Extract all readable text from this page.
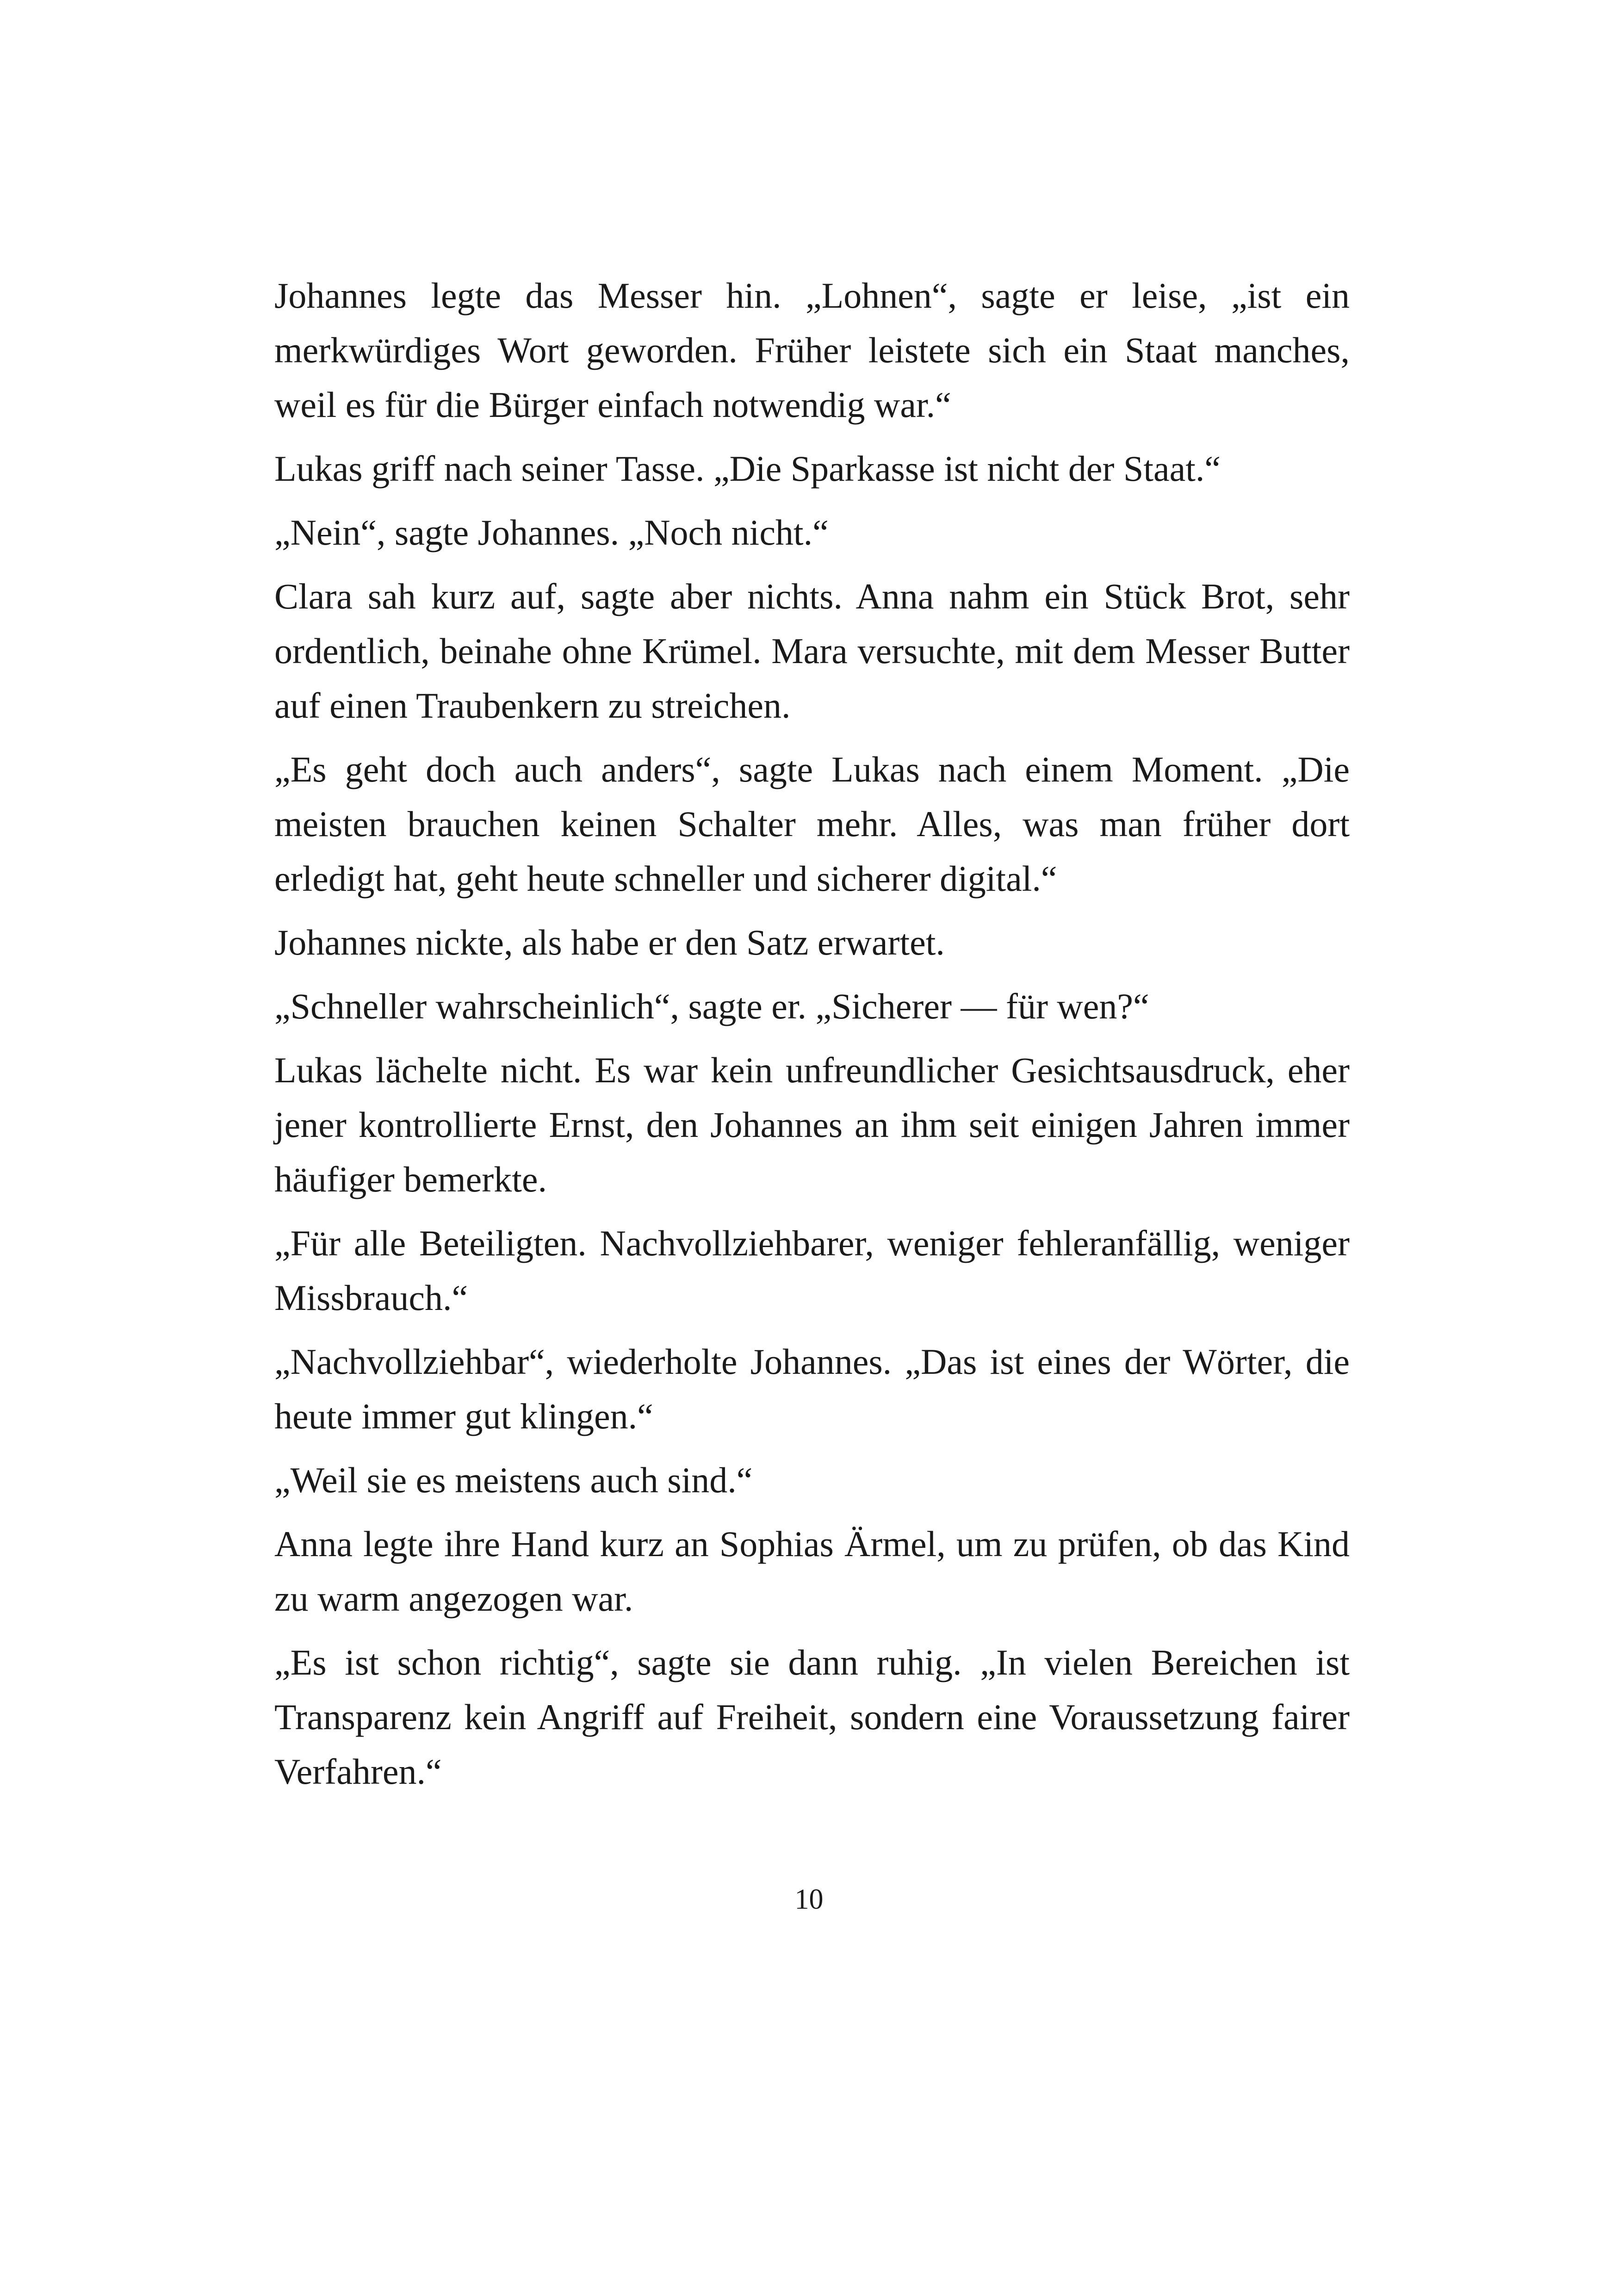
Johannes legte das Messer hin. „Lohnen“, sagte er leise, „ist ein merkwürdiges Wort geworden. Früher leistete sich ein Staat manches, weil es für die Bürger einfach notwendig war.“

Lukas griff nach seiner Tasse. „Die Sparkasse ist nicht der Staat.“

„Nein“, sagte Johannes. „Noch nicht.“

Clara sah kurz auf, sagte aber nichts. Anna nahm ein Stück Brot, sehr ordentlich, beinahe ohne Krümel. Mara versuchte, mit dem Messer Butter auf einen Traubenkern zu streichen.

„Es geht doch auch anders“, sagte Lukas nach einem Moment. „Die meisten brauchen keinen Schalter mehr. Alles, was man früher dort erledigt hat, geht heute schneller und sicherer digital.“

Johannes nickte, als habe er den Satz erwartet.

„Schneller wahrscheinlich“, sagte er. „Sicherer — für wen?“

Lukas lächelte nicht. Es war kein unfreundlicher Gesichtsausdruck, eher jener kontrollierte Ernst, den Johannes an ihm seit einigen Jahren immer häufiger bemerkte.

„Für alle Beteiligten. Nachvollziehbarer, weniger fehleranfällig, weniger Missbrauch.“

„Nachvollziehbar“, wiederholte Johannes. „Das ist eines der Wörter, die heute immer gut klingen.“

„Weil sie es meistens auch sind.“

Anna legte ihre Hand kurz an Sophias Ärmel, um zu prüfen, ob das Kind zu warm angezogen war.

„Es ist schon richtig“, sagte sie dann ruhig. „In vielen Bereichen ist Transparenz kein Angriff auf Freiheit, sondern eine Voraussetzung fairer Verfahren.“

10
